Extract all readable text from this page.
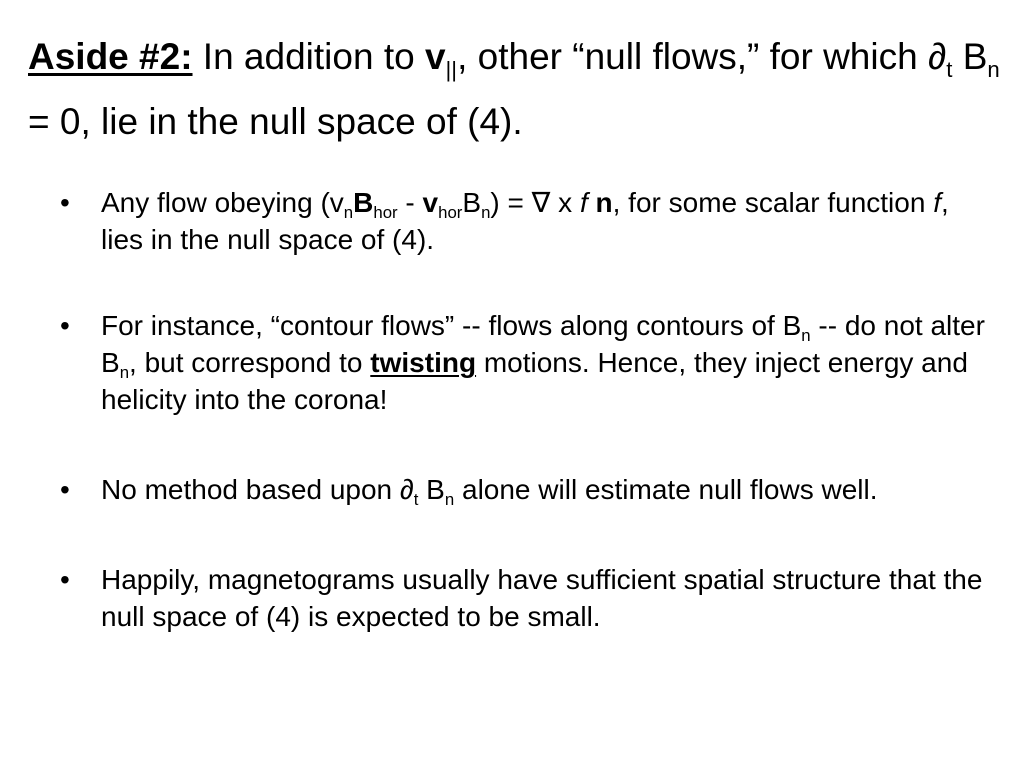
Aside #2: In addition to $v_{||}$, other “null flows,” for which $\partial_t$ $B_n = 0$, lie in the null space of (4).
• Any flow obeying $(v_nB_{hor} - v_{hor}B_n)$ = ∇ x f n, for some scalar function f, lies in the null space of (4).
• For instance, “contour flows” -- flows along contours of $B_n$ -- do not alter $B_n$, but correspond to twisting motions. Hence, they inject energy and helicity into the corona!
• No method based upon $\partial_t$ $B_n$ alone will estimate null flows well.
• Happily, magnetograms usually have sufficient spatial structure that the null space of (4) is expected to be small.
